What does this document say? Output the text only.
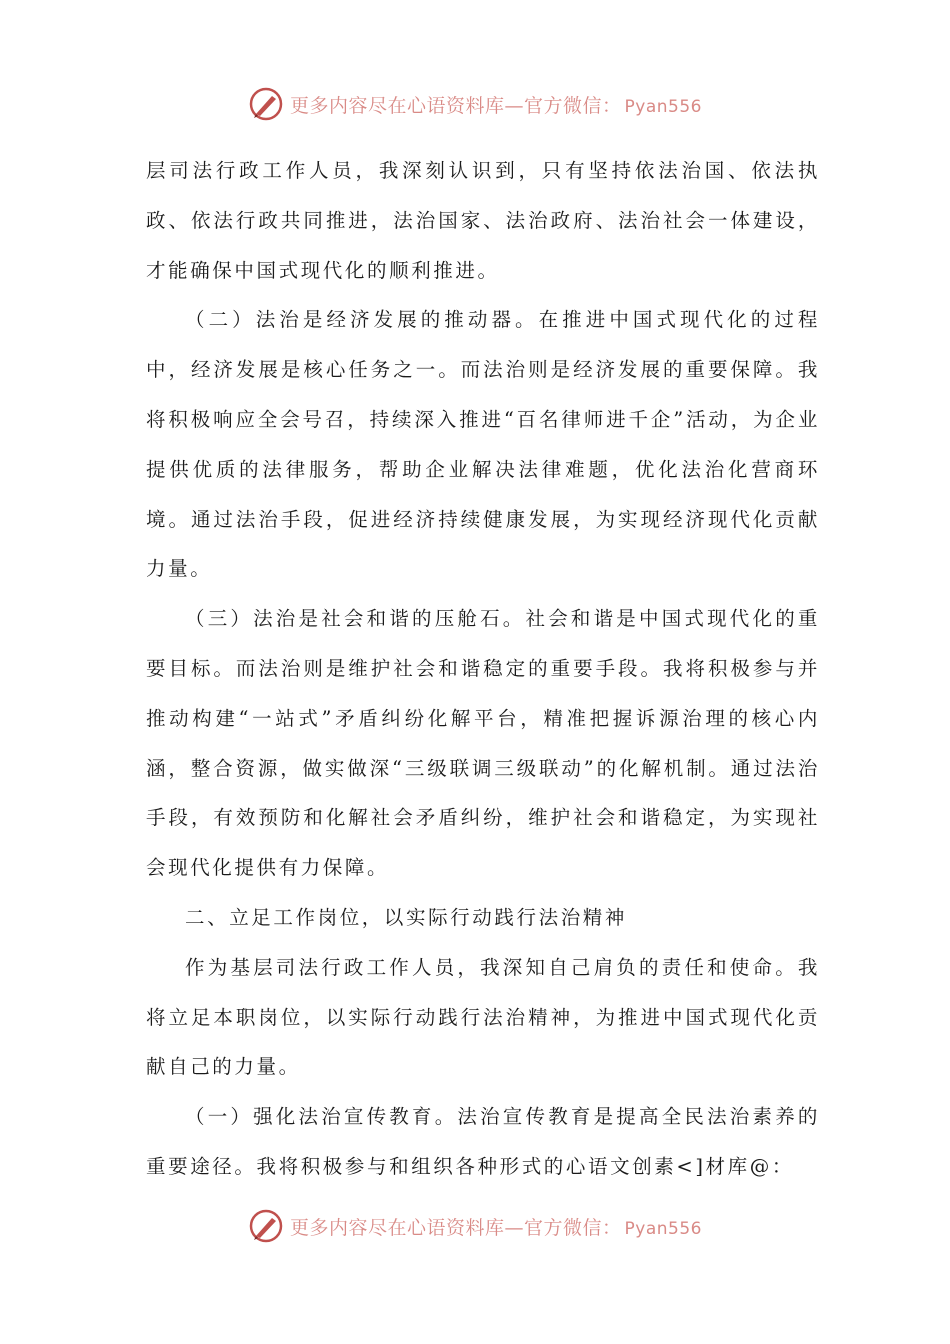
更多内容尽在心语资料库—官方微信： Pyan556

层司法行政工作人员，我深刻认识到，只有坚持依法治国、依法执政、依法行政共同推进，法治国家、法治政府、法治社会一体建设，才能确保中国式现代化的顺利推进。

（二）法治是经济发展的推动器。在推进中国式现代化的过程中，经济发展是核心任务之一。而法治则是经济发展的重要保障。我将积极响应全会号召，持续深入推进“百名律师进千企”活动，为企业提供优质的法律服务，帮助企业解决法律难题，优化法治化营商环境。通过法治手段，促进经济持续健康发展，为实现经济现代化贡献力量。

（三）法治是社会和谐的压舱石。社会和谐是中国式现代化的重要目标。而法治则是维护社会和谐稳定的重要手段。我将积极参与并推动构建“一站式”矛盾纠纷化解平台，精准把握诉源治理的核心内涵，整合资源，做实做深“三级联调三级联动”的化解机制。通过法治手段，有效预防和化解社会矛盾纠纷，维护社会和谐稳定，为实现社会现代化提供有力保障。

二、立足工作岗位，以实际行动践行法治精神

作为基层司法行政工作人员，我深知自己肩负的责任和使命。我将立足本职岗位，以实际行动践行法治精神，为推进中国式现代化贡献自己的力量。

（一）强化法治宣传教育。法治宣传教育是提高全民法治素养的重要途径。我将积极参与和组织各种形式的心语文创素<]材库@：

更多内容尽在心语资料库—官方微信： Pyan556
